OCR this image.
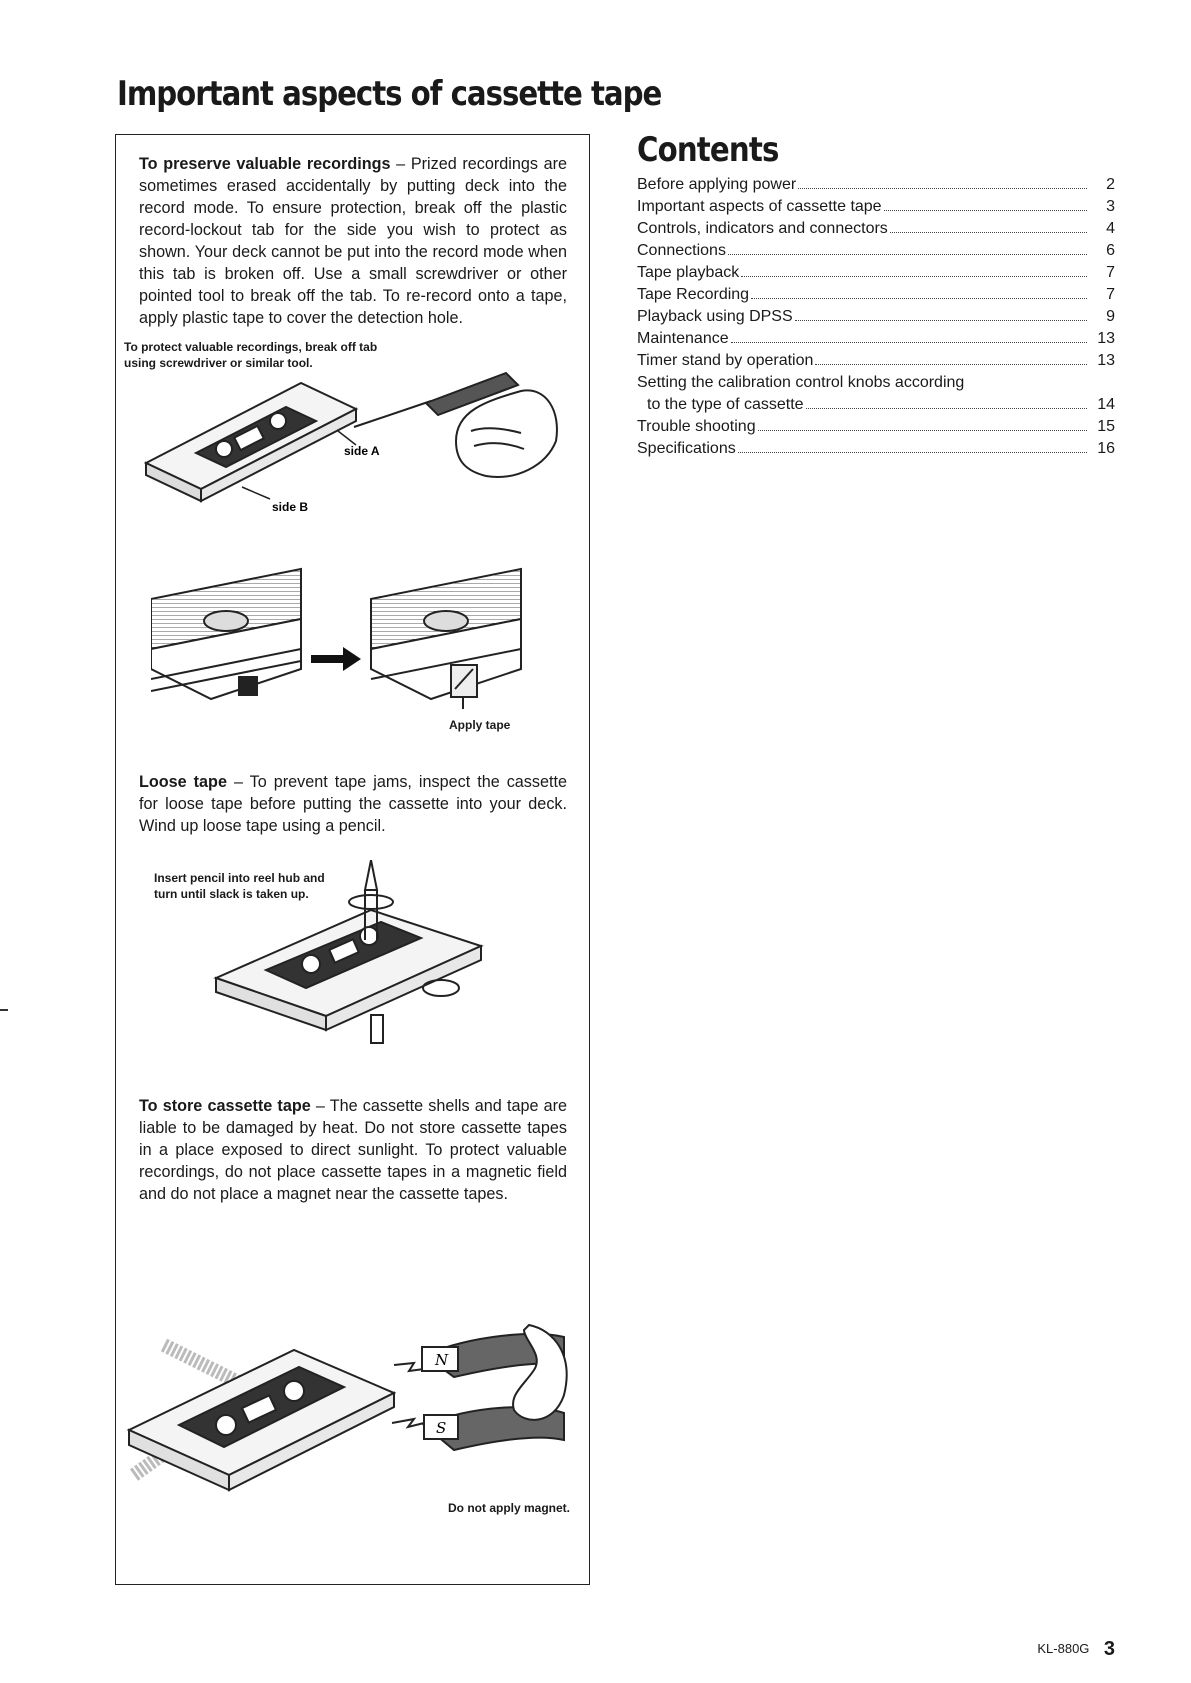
Important aspects of cassette tape

To preserve valuable recordings – Prized recordings are sometimes erased accidentally by putting deck into the record mode. To ensure protection, break off the plastic record-lockout tab for the side you wish to protect as shown. Your deck cannot be put into the record mode when this tab is broken off. Use a small screwdriver or other pointed tool to break off the tab. To re-record onto a tape, apply plastic tape to cover the detection hole.

To protect valuable recordings, break off tab using screwdriver or similar tool.

side A
side B

Apply tape

Loose tape – To prevent tape jams, inspect the cassette for loose tape before putting the cassette into your deck. Wind up loose tape using a pencil.

Insert pencil into reel hub and turn until slack is taken up.

To store cassette tape – The cassette shells and tape are liable to be damaged by heat. Do not store cassette tapes in a place exposed to direct sunlight. To protect valuable recordings, do not place cassette tapes in a magnetic field and do not place a magnet near the cassette tapes.

N
S

Do not apply magnet.

Contents
Before applying power	2
Important aspects of cassette tape	3
Controls, indicators and connectors	4
Connections	6
Tape playback	7
Tape Recording	7
Playback using DPSS	9
Maintenance	13
Timer stand by operation	13
Setting the calibration control knobs according
to the type of cassette	14
Trouble shooting	15
Specifications	16
KL-880G 3
